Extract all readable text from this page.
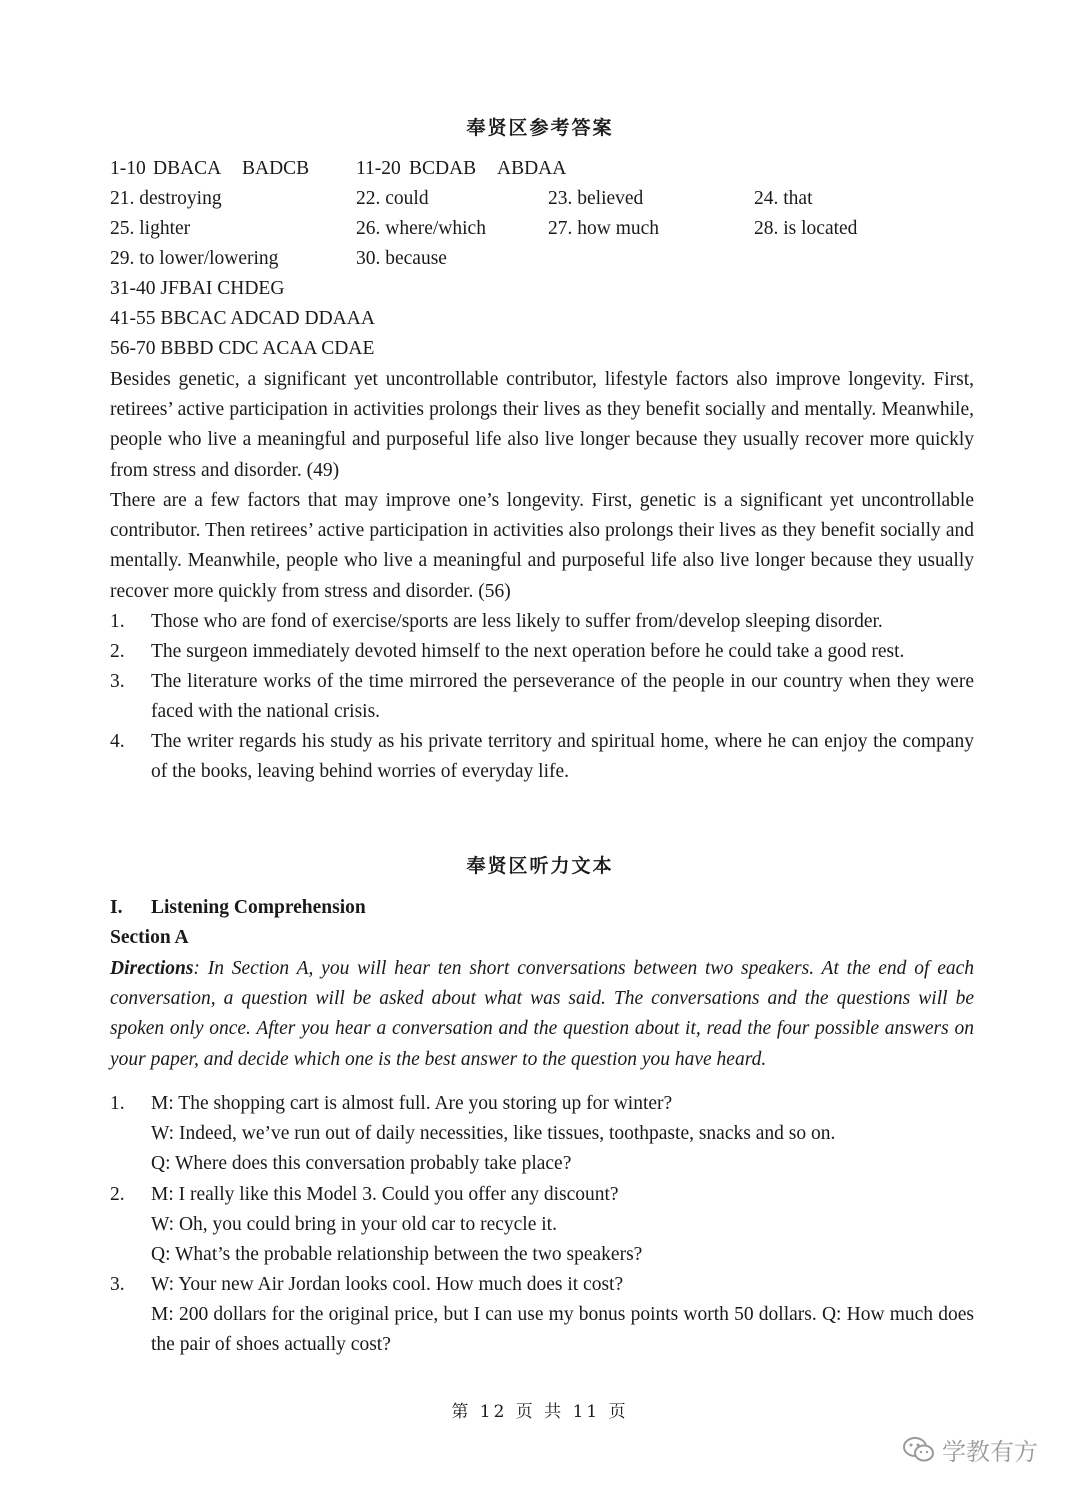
奉贤区参考答案
1-10 DBACA BADCB 11-20 BCDAB ABDAA
21. destroying	22. could	23. believed	24. that
25. lighter	26. where/which	27. how much	28. is located
29. to lower/lowering	30. because
31-40 JFBAI CHDEG
41-55 BBCAC ADCAD DDAAA
56-70 BBBD CDC ACAA CDAE
Besides genetic, a significant yet uncontrollable contributor, lifestyle factors also improve longevity. First, retirees’ active participation in activities prolongs their lives as they benefit socially and mentally. Meanwhile, people who live a meaningful and purposeful life also live longer because they usually recover more quickly from stress and disorder. (49)
There are a few factors that may improve one’s longevity. First, genetic is a significant yet uncontrollable contributor. Then retirees’ active participation in activities also prolongs their lives as they benefit socially and mentally. Meanwhile, people who live a meaningful and purposeful life also live longer because they usually recover more quickly from stress and disorder. (56)
1. Those who are fond of exercise/sports are less likely to suffer from/develop sleeping disorder.
2. The surgeon immediately devoted himself to the next operation before he could take a good rest.
3. The literature works of the time mirrored the perseverance of the people in our country when they were faced with the national crisis.
4. The writer regards his study as his private territory and spiritual home, where he can enjoy the company of the books, leaving behind worries of everyday life.
奉贤区听力文本
I. Listening Comprehension
Section A
Directions: In Section A, you will hear ten short conversations between two speakers. At the end of each conversation, a question will be asked about what was said. The conversations and the questions will be spoken only once. After you hear a conversation and the question about it, read the four possible answers on your paper, and decide which one is the best answer to the question you have heard.
1. M: The shopping cart is almost full. Are you storing up for winter?
W: Indeed, we’ve run out of daily necessities, like tissues, toothpaste, snacks and so on.
Q: Where does this conversation probably take place?
2. M: I really like this Model 3. Could you offer any discount?
W: Oh, you could bring in your old car to recycle it.
Q: What’s the probable relationship between the two speakers?
3. W: Your new Air Jordan looks cool. How much does it cost?
M: 200 dollars for the original price, but I can use my bonus points worth 50 dollars. Q: How much does the pair of shoes actually cost?
第 12 页 共 11 页
学教有方
